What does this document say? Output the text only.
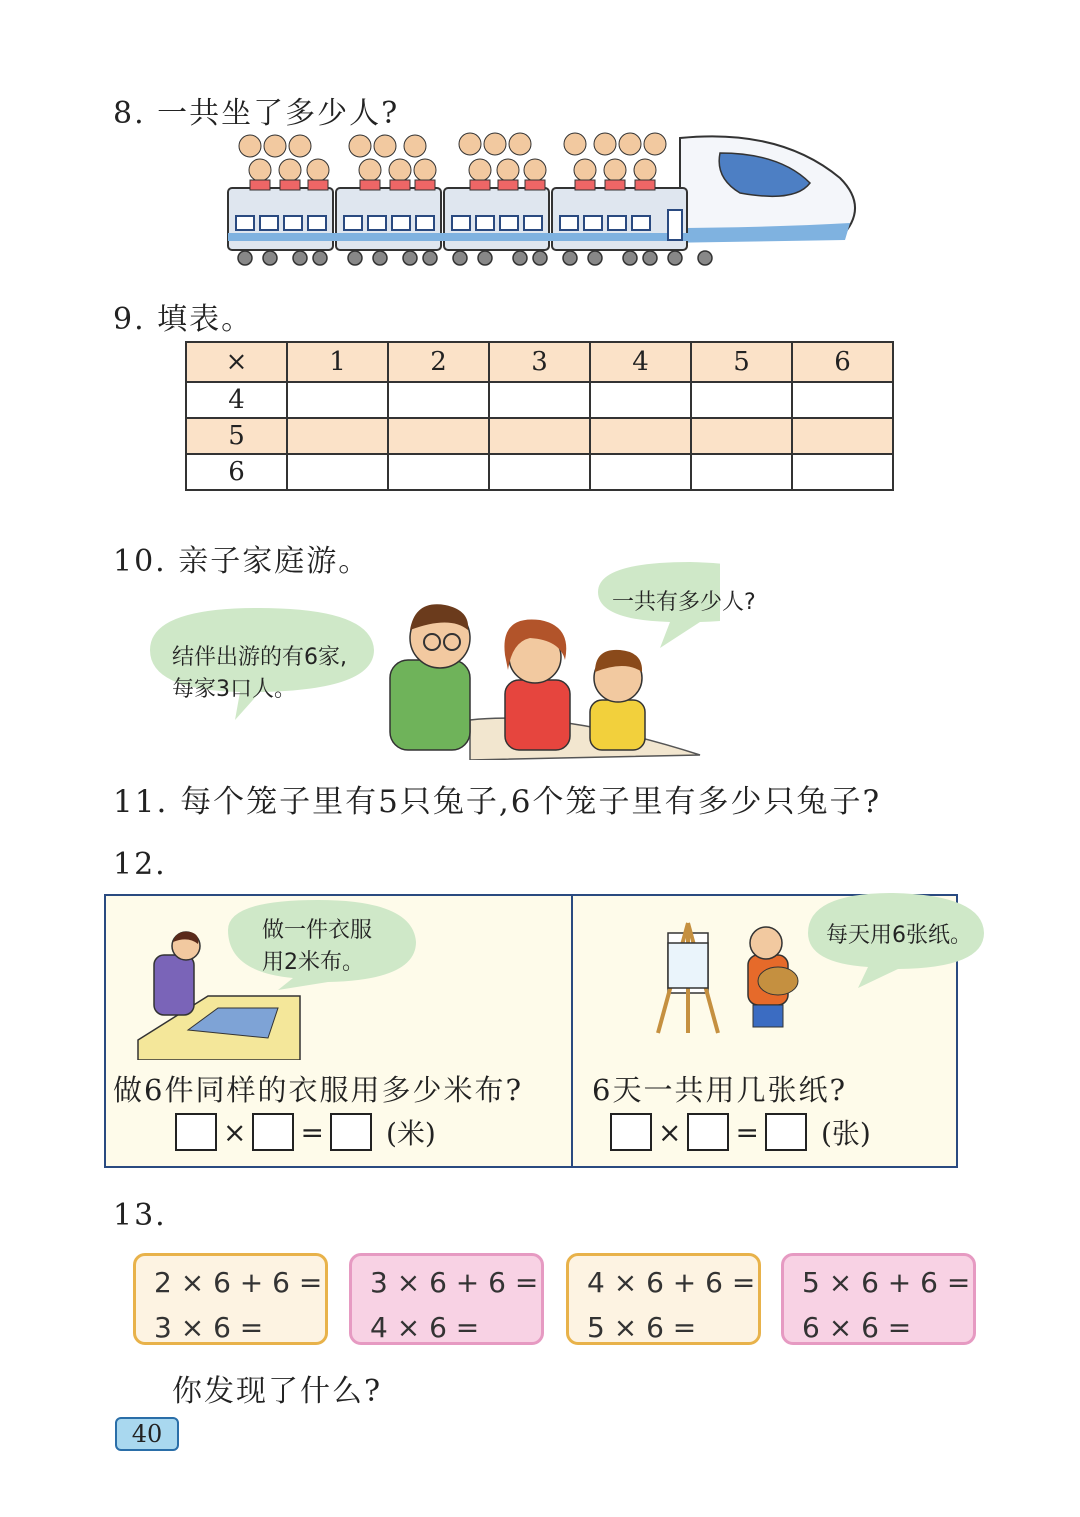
8. 一共坐了多少人?
9. 填表。
×	1	2	3	4	5	6
4						
5						
6						
10. 亲子家庭游。
结伴出游的有6家,
每家3口人。
一共有多少人?
11. 每个笼子里有5只兔子,6个笼子里有多少只兔子?
12.
做一件衣服
用2米布。
每天用6张纸。
做6件同样的衣服用多少米布?
× = (米)
6天一共用几张纸?
× = (张)
13.
2 × 6 + 6 =
3 × 6 =
3 × 6 + 6 =
4 × 6 =
4 × 6 + 6 =
5 × 6 =
5 × 6 + 6 =
6 × 6 =
你发现了什么?
40
